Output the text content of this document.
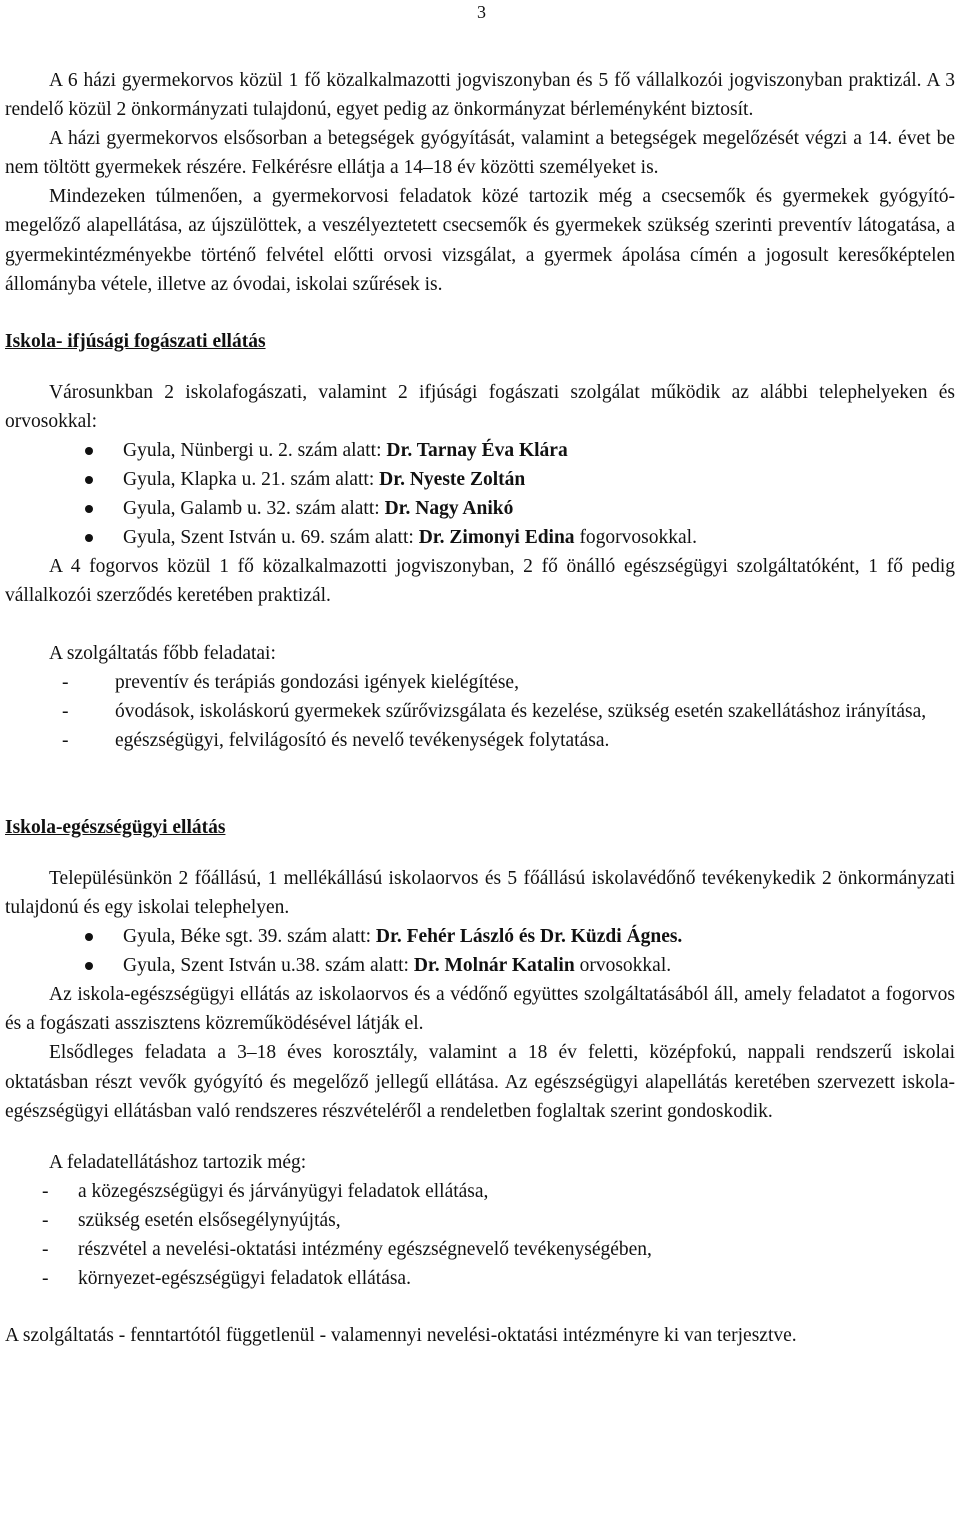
3

A 6 házi gyermekorvos közül 1 fő közalkalmazotti jogviszonyban és 5 fő vállalkozói jogviszonyban praktizál. A 3 rendelő közül 2 önkormányzati tulajdonú, egyet pedig az önkormányzat bérleményként biztosít.

A házi gyermekorvos elsősorban a betegségek gyógyítását, valamint a betegségek megelőzését végzi a 14. évet be nem töltött gyermekek részére. Felkérésre ellátja a 14–18 év közötti személyeket is.

Mindezeken túlmenően, a gyermekorvosi feladatok közé tartozik még a csecsemők és gyermekek gyógyító-megelőző alapellátása, az újszülöttek, a veszélyeztetett csecsemők és gyermekek szükség szerinti preventív látogatása, a gyermekintézményekbe történő felvétel előtti orvosi vizsgálat, a gyermek ápolása címén a jogosult keresőképtelen állományba vétele, illetve az óvodai, iskolai szűrések is.

Iskola- ifjúsági fogászati ellátás

Városunkban 2 iskolafogászati, valamint 2 ifjúsági fogászati szolgálat működik az alábbi telephelyeken és orvosokkal:

Gyula, Nünbergi u. 2. szám alatt: Dr. Tarnay Éva Klára
Gyula, Klapka u. 21. szám alatt: Dr. Nyeste Zoltán
Gyula, Galamb u. 32. szám alatt: Dr. Nagy Anikó
Gyula, Szent István u. 69. szám alatt: Dr. Zimonyi Edina fogorvosokkal.

A 4 fogorvos közül 1 fő közalkalmazotti jogviszonyban, 2 fő önálló egészségügyi szolgáltatóként, 1 fő pedig vállalkozói szerződés keretében praktizál.

A szolgáltatás főbb feladatai:

- preventív és terápiás gondozási igények kielégítése,
- óvodások, iskoláskorú gyermekek szűrővizsgálata és kezelése, szükség esetén szakellátáshoz irányítása,
- egészségügyi, felvilágosító és nevelő tevékenységek folytatása.
Iskola-egészségügyi ellátás

Településünkön 2 főállású, 1 mellékállású iskolaorvos és 5 főállású iskolavédőnő tevékenykedik 2 önkormányzati tulajdonú és egy iskolai telephelyen.

Gyula, Béke sgt. 39. szám alatt: Dr. Fehér László és Dr. Küzdi Ágnes.
Gyula, Szent István u.38. szám alatt: Dr. Molnár Katalin orvosokkal.

Az iskola-egészségügyi ellátás az iskolaorvos és a védőnő együttes szolgáltatásából áll, amely feladatot a fogorvos és a fogászati asszisztens közreműködésével látják el.

Elsődleges feladata a 3–18 éves korosztály, valamint a 18 év feletti, középfokú, nappali rendszerű iskolai oktatásban részt vevők gyógyító és megelőző jellegű ellátása. Az egészségügyi alapellátás keretében szervezett iskola-egészségügyi ellátásban való rendszeres részvételéről a rendeletben foglaltak szerint gondoskodik.

A feladatellátáshoz tartozik még:

- a közegészségügyi és járványügyi feladatok ellátása,
- szükség esetén elsősegélynyújtás,
- részvétel a nevelési-oktatási intézmény egészségnevelő tevékenységében,
- környezet-egészségügyi feladatok ellátása.

A szolgáltatás - fenntartótól függetlenül - valamennyi nevelési-oktatási intézményre ki van terjesztve.
